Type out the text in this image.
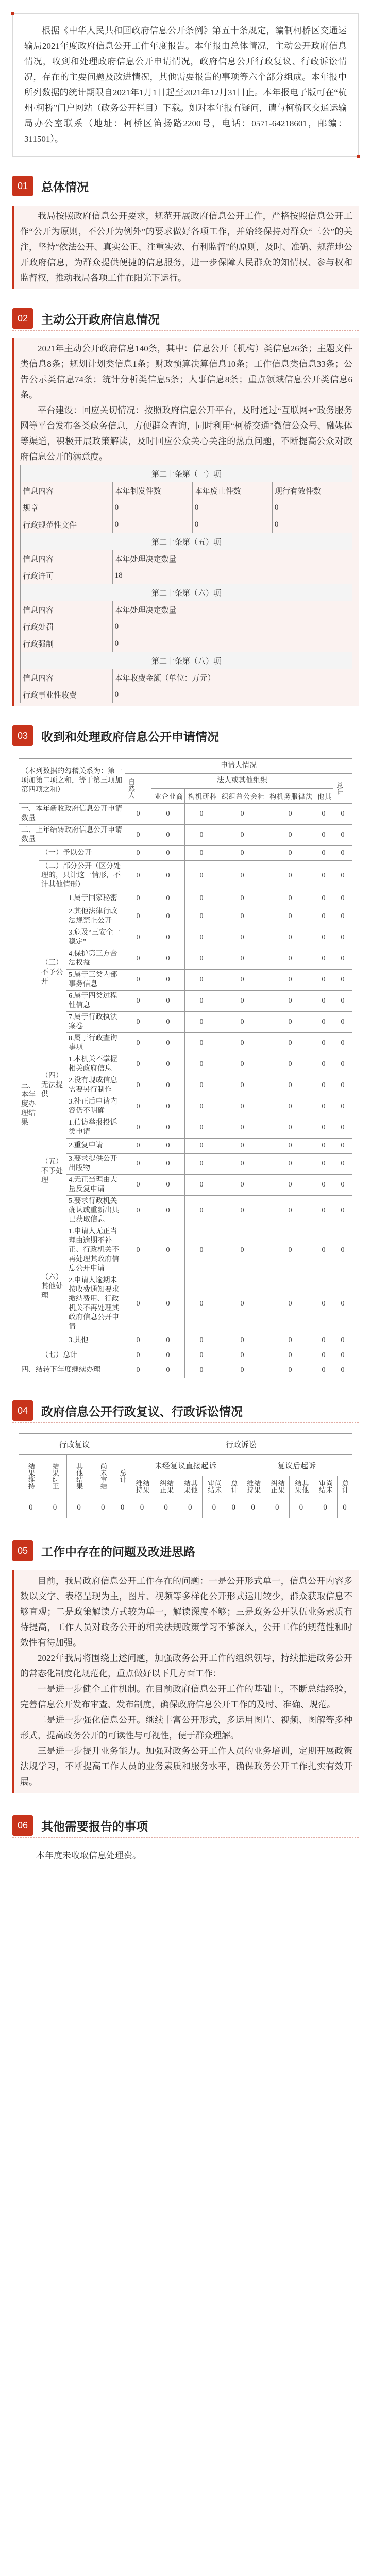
根据《中华人民共和国政府信息公开条例》第五十条规定，编制柯桥区交通运输局2021年度政府信息公开工作年度报告。本年报由总体情况，主动公开政府信息情况，收到和处理政府信息公开申请情况，政府信息公开行政复议、行政诉讼情况，存在的主要问题及改进情况，其他需要报告的事项等六个部分组成。本年报中所列数据的统计期限自2021年1月1日起至2021年12月31日止。本年报电子版可在“杭州·柯桥”门户网站（政务公开栏目）下载。如对本年报有疑问，请与柯桥区交通运输局办公室联系（地址：柯桥区笛扬路2200号，电话：0571-64218601，邮编：311501）。

01	总体情况

我局按照政府信息公开要求，规范开展政府信息公开工作，严格按照信息公开工作“公开为原则，不公开为例外”的要求做好各项工作，并始终保持对群众“三公”的关注，坚持“依法公开、真实公正、注重实效、有利监督”的原则，及时、准确、规范地公开政府信息，为群众提供便捷的信息服务，进一步保障人民群众的知情权、参与权和监督权，推动我局各项工作在阳光下运行。

02	主动公开政府信息情况

2021年主动公开政府信息140条，其中：信息公开（机构）类信息26条；主题文件类信息8条；规划计划类信息1条；财政预算决算信息10条；工作信息类信息33条；公告公示类信息74条；统计分析类信息5条；人事信息8条；重点领域信息公开类信息6条。

平台建设：回应关切情况：按照政府信息公开平台，及时通过“互联网+”政务服务网等平台发布各类政务信息，方便群众查询，同时利用“柯桥交通”微信公众号、融媒体等渠道，积极开展政策解读，及时回应公众关心关注的热点问题，不断提高公众对政府信息公开的满意度。

第二十条第（一）项			
信息内容	本年制发件数	本年废止件数	现行有效件数
规章	0	0	0
行政规范性文件	0	0	0
第二十条第（五）项			
信息内容	本年处理决定数量		
行政许可	18		
第二十条第（六）项			
信息内容	本年处理决定数量		
行政处罚	0		
行政强制	0		
第二十条第（八）项			
信息内容	本年收费金额（单位：万元）		
行政事业性收费	0		
03	收到和处理政府信息公开申请情况
（本列数据的勾稽关系为：第一项加第二项之和，等于第三项加第四项之和）			申请人情况						

			自然人	法人或其他组织					总计

				商业企业	科研机构	社会公益组织	法律服务机构	其他	

一、本年新收政府信息公开申请数量			0	0	0	0	0	0	0
二、上年结转政府信息公开申请数量			0	0	0	0	0	0	0
三、本年度办理结果	（一）予以公开		0	0	0	0	0	0	0
	（二）部分公开（区分处理的，只计这一情形，不计其他情形）		0	0	0	0	0	0	0
	（三）不予公开	1.属于国家秘密	0	0	0	0	0	0	0
		2.其他法律行政法规禁止公开	0	0	0	0	0	0	0
		3.危及“三安全一稳定”	0	0	0	0	0	0	0
		4.保护第三方合法权益	0	0	0	0	0	0	0
		5.属于三类内部事务信息	0	0	0	0	0	0	0
		6.属于四类过程性信息	0	0	0	0	0	0	0
		7.属于行政执法案卷	0	0	0	0	0	0	0
		8.属于行政查询事项	0	0	0	0	0	0	0
	（四）无法提供	1.本机关不掌握相关政府信息	0	0	0	0	0	0	0
		2.没有现成信息需要另行制作	0	0	0	0	0	0	0
		3.补正后申请内容仍不明确	0	0	0	0	0	0	0
	（五）不予处理	1.信访举报投诉类申请	0	0	0	0	0	0	0
		2.重复申请	0	0	0	0	0	0	0
		3.要求提供公开出版物	0	0	0	0	0	0	0
		4.无正当理由大量反复申请	0	0	0	0	0	0	0
		5.要求行政机关确认或重新出具已获取信息	0	0	0	0	0	0	0
	（六）其他处理	1.申请人无正当理由逾期不补正、行政机关不再处理其政府信息公开申请	0	0	0	0	0	0	0
		2.申请人逾期未按收费通知要求缴纳费用、行政机关不再处理其政府信息公开申请	0	0	0	0	0	0	0
		3.其他	0	0	0	0	0	0	0
	（七）总计		0	0	0	0	0	0	0
四、结转下年度继续办理			0	0	0	0	0	0	0
04	政府信息公开行政复议、行政诉讼情况
行政复议					行政诉讼									

结果维持	结果纠正	其他结果	尚未审结	总计	未经复议直接起诉					复议后起诉				

					结果维持	结果纠正	其他结果	尚未审结	总计	结果维持	结果纠正	其他结果	尚未审结	总计

0	0	0	0	0	0	0	0	0	0	0	0	0	0	0
05	工作中存在的问题及改进思路

目前，我局政府信息公开工作存在的问题：一是公开形式单一，信息公开内容多数以文字、表格呈现为主，图片、视频等多样化公开形式运用较少，群众获取信息不够直观；二是政策解读方式较为单一，解读深度不够；三是政务公开队伍业务素质有待提高，工作人员对政务公开的相关法规政策学习不够深入，公开工作的规范性和时效性有待加强。

2022年我局将围绕上述问题，加强政务公开工作的组织领导，持续推进政务公开的常态化制度化规范化，重点做好以下几方面工作：

一是进一步健全工作机制。在目前政府信息公开工作的基础上，不断总结经验，完善信息公开发布审查、发布制度，确保政府信息公开工作的及时、准确、规范。

二是进一步强化信息公开。继续丰富公开形式，多运用图片、视频、图解等多种形式，提高政务公开的可读性与可视性，便于群众理解。

三是进一步提升业务能力。加强对政务公开工作人员的业务培训，定期开展政策法规学习，不断提高工作人员的业务素质和服务水平，确保政务公开工作扎实有效开展。

06	其他需要报告的事项

本年度未收取信息处理费。
